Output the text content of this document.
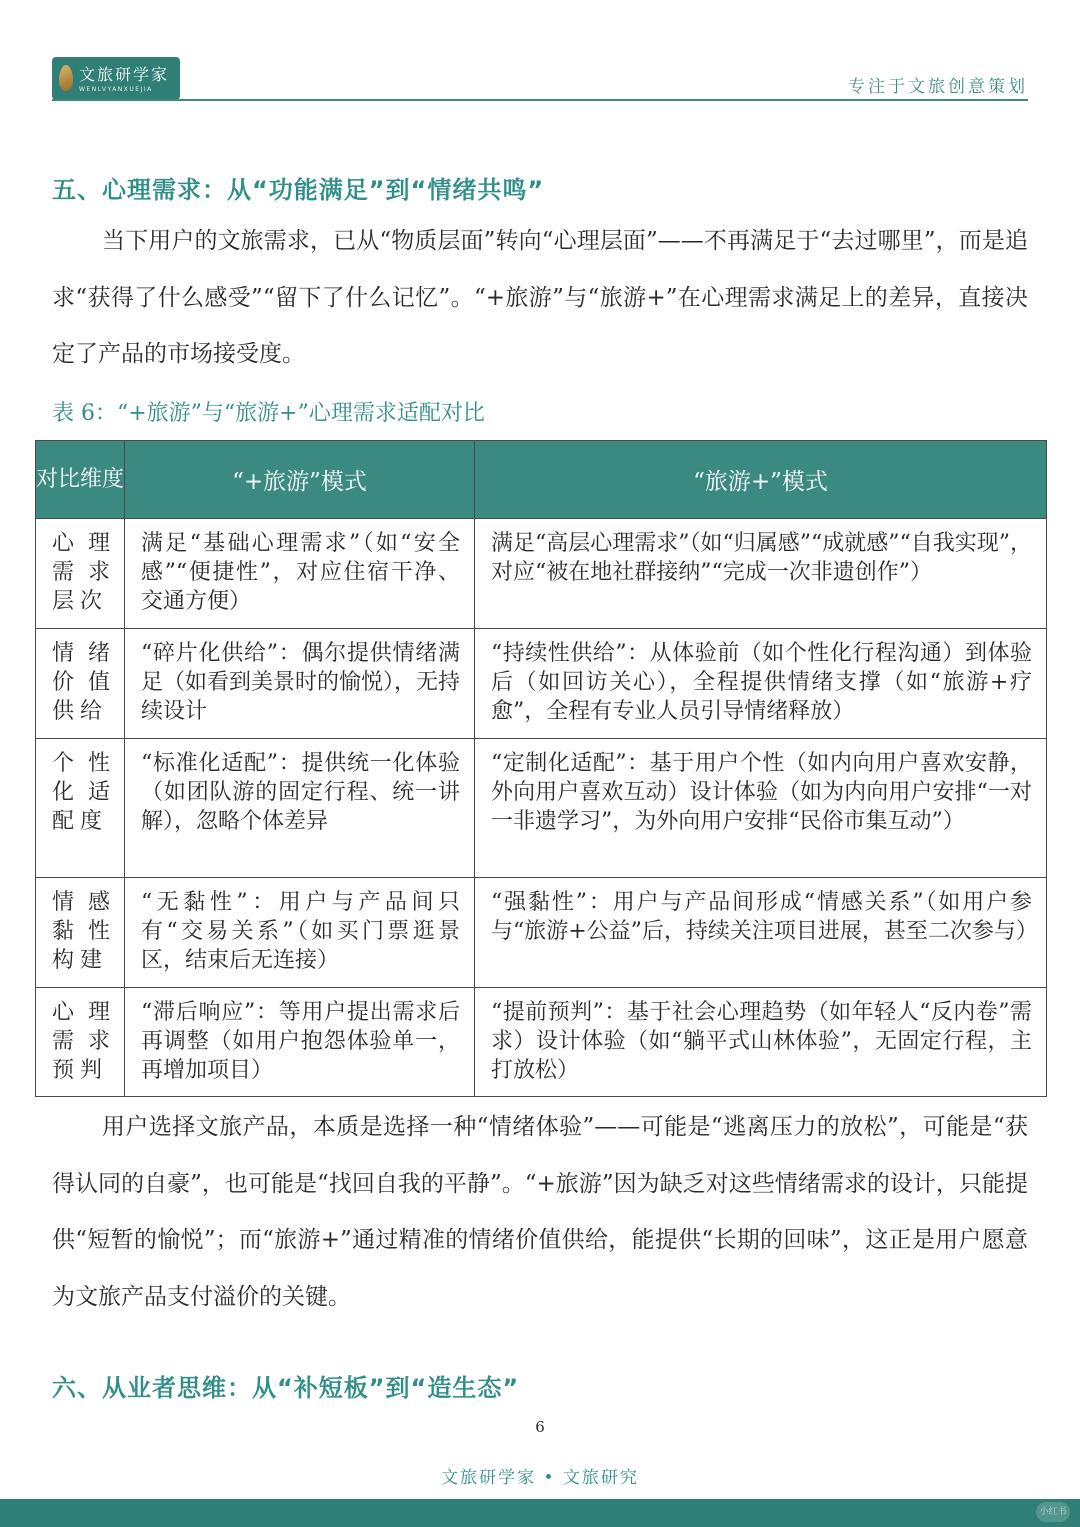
文旅研学家
WENLVYANXUEJIA	专注于文旅创意策划
五、心理需求：从“功能满足”到“情绪共鸣”

当下用户的文旅需求，已从“物质层面”转向“心理层面”——不再满足于“去过哪里”，而是追求“获得了什么感受”“留下了什么记忆”。“+旅游”与“旅游+”在心理需求满足上的差异，直接决定了产品的市场接受度。

表 6：“+旅游”与“旅游+”心理需求适配对比
对比维度	“+旅游”模式	“旅游+”模式
心理需求层次	满足“基础心理需求”（如“安全感”“便捷性”，对应住宿干净、交通方便）	满足“高层心理需求”（如“归属感”“成就感”“自我实现”，对应“被在地社群接纳”“完成一次非遗创作”）
情绪价值供给	“碎片化供给”：偶尔提供情绪满足（如看到美景时的愉悦），无持续设计	“持续性供给”：从体验前（如个性化行程沟通）到体验后（如回访关心），全程提供情绪支撑（如“旅游+疗愈”，全程有专业人员引导情绪释放）
个性化适配度	“标准化适配”：提供统一化体验（如团队游的固定行程、统一讲解），忽略个体差异	“定制化适配”：基于用户个性（如内向用户喜欢安静，外向用户喜欢互动）设计体验（如为内向用户安排“一对一非遗学习”，为外向用户安排“民俗市集互动”）
情感黏性构建	“无黏性”：用户与产品间只有“交易关系”（如买门票逛景区，结束后无连接）	“强黏性”：用户与产品间形成“情感关系”（如用户参与“旅游+公益”后，持续关注项目进展，甚至二次参与）
心理需求预判	“滞后响应”：等用户提出需求后再调整（如用户抱怨体验单一，再增加项目）	“提前预判”：基于社会心理趋势（如年轻人“反内卷”需求）设计体验（如“躺平式山林体验”，无固定行程，主打放松）

用户选择文旅产品，本质是选择一种“情绪体验”——可能是“逃离压力的放松”，可能是“获得认同的自豪”，也可能是“找回自我的平静”。“+旅游”因为缺乏对这些情绪需求的设计，只能提供“短暂的愉悦”；而“旅游+”通过精准的情绪价值供给，能提供“长期的回味”，这正是用户愿意为文旅产品支付溢价的关键。

六、从业者思维：从“补短板”到“造生态”
6
文旅研学家 • 文旅研究
小红书
